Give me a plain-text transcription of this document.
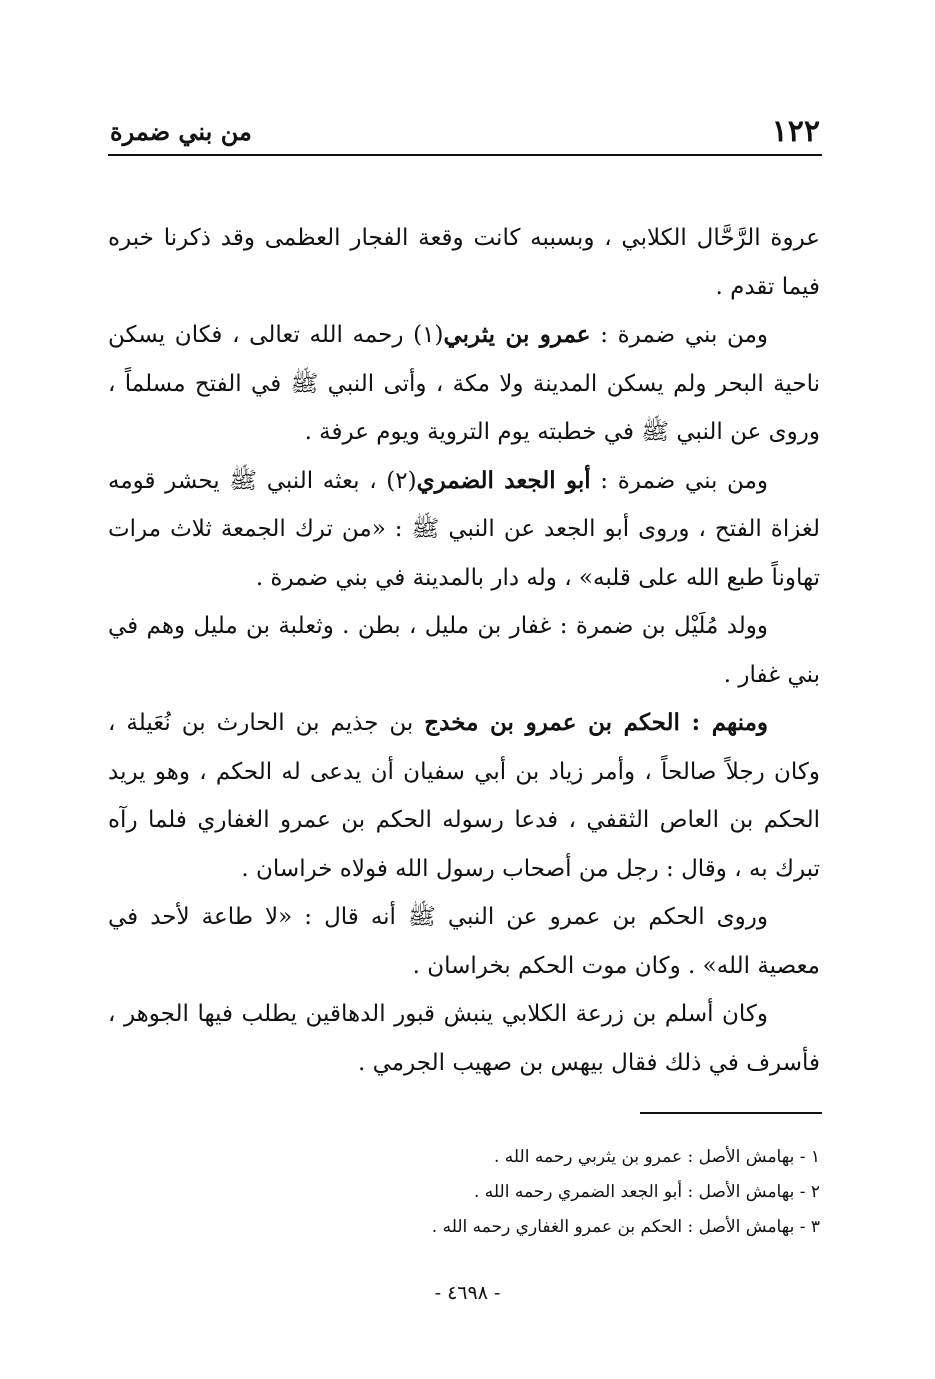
١٢٢
من بني ضمرة

عروة الرَّحَّال الكلابي ، وبسببه كانت وقعة الفجار العظمى وقد ذكرنا خبره فيما تقدم .

ومن بني ضمرة : عمرو بن يثربي(١) رحمه الله تعالى ، فكان يسكن ناحية البحر ولم يسكن المدينة ولا مكة ، وأتى النبي ﷺ في الفتح مسلماً ، وروى عن النبي ﷺ في خطبته يوم التروية ويوم عرفة .

ومن بني ضمرة : أبو الجعد الضمري(٢) ، بعثه النبي ﷺ يحشر قومه لغزاة الفتح ، وروى أبو الجعد عن النبي ﷺ : «من ترك الجمعة ثلاث مرات تهاوناً طبع الله على قلبه» ، وله دار بالمدينة في بني ضمرة .

وولد مُلَيْل بن ضمرة : غفار بن مليل ، بطن . وثعلبة بن مليل وهم في بني غفار .

ومنهم : الحكم بن عمرو بن مخدج بن جذيم بن الحارث بن نُعَيلة ، وكان رجلاً صالحاً ، وأمر زياد بن أبي سفيان أن يدعى له الحكم ، وهو يريد الحكم بن العاص الثقفي ، فدعا رسوله الحكم بن عمرو الغفاري فلما رآه تبرك به ، وقال : رجل من أصحاب رسول الله فولاه خراسان .

وروى الحكم بن عمرو عن النبي ﷺ أنه قال : «لا طاعة لأحد في معصية الله» . وكان موت الحكم بخراسان .

وكان أسلم بن زرعة الكلابي ينبش قبور الدهاقين يطلب فيها الجوهر ، فأسرف في ذلك فقال بيهس بن صهيب الجرمي .

١ - بهامش الأصل : عمرو بن يثربي رحمه الله .
٢ - بهامش الأصل : أبو الجعد الضمري رحمه الله .
٣ - بهامش الأصل : الحكم بن عمرو الغفاري رحمه الله .
- ٤٦٩٨ -
